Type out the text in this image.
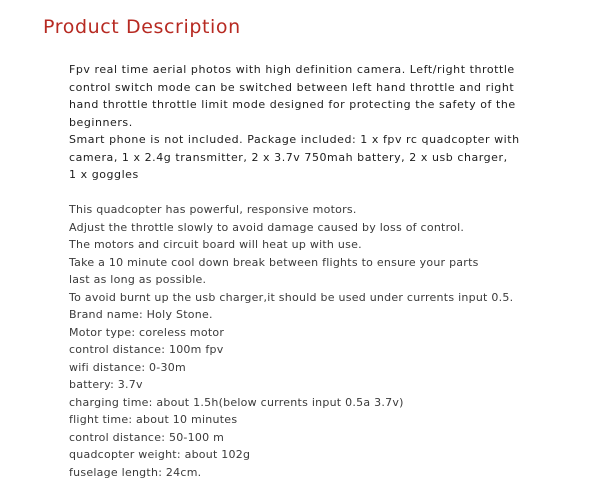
Product Description
Fpv real time aerial photos with high definition camera. Left/right throttle
control switch mode can be switched between left hand throttle and right
hand throttle throttle limit mode designed for protecting the safety of the
beginners.
Smart phone is not included. Package included: 1 x fpv rc quadcopter with
camera, 1 x 2.4g transmitter, 2 x 3.7v 750mah battery, 2 x usb charger,
1 x goggles
This quadcopter has powerful, responsive motors.
Adjust the throttle slowly to avoid damage caused by loss of control.
The motors and circuit board will heat up with use.
Take a 10 minute cool down break between flights to ensure your parts
last as long as possible.
To avoid burnt up the usb charger,it should be used under currents input 0.5.
Brand name: Holy Stone.
Motor type: coreless motor
control distance: 100m fpv
wifi distance: 0-30m
battery: 3.7v
charging time: about 1.5h(below currents input 0.5a 3.7v)
flight time: about 10 minutes
control distance: 50-100 m
quadcopter weight: about 102g
fuselage length: 24cm.
